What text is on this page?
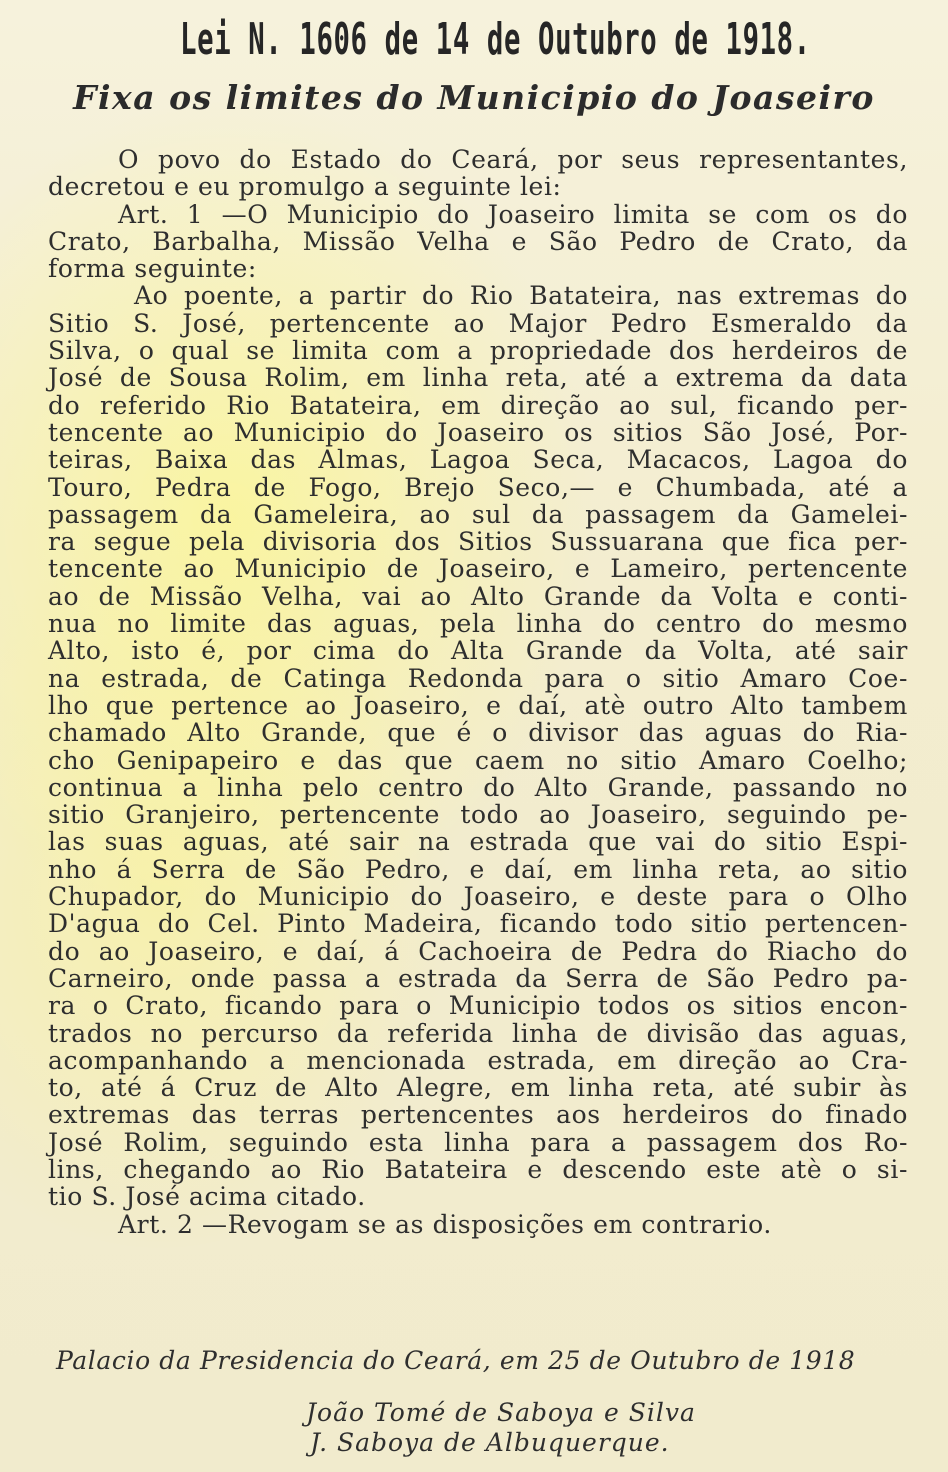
Lei N. 1606 de 14 de Outubro de 1918.
Fixa os limites do Municipio do Joaseiro
O povo do Estado do Ceará, por seus representantes,
decretou e eu promulgo a seguinte lei:
Art. 1 —O Municipio do Joaseiro limita se com os do
Crato, Barbalha, Missão Velha e São Pedro de Crato, da
forma seguinte:
Ao poente, a partir do Rio Batateira, nas extremas do
Sitio S. José, pertencente ao Major Pedro Esmeraldo da
Silva, o qual se limita com a propriedade dos herdeiros de
José de Sousa Rolim, em linha reta, até a extrema da data
do referido Rio Batateira, em direção ao sul, ficando per-
tencente ao Municipio do Joaseiro os sitios São José, Por-
teiras, Baixa das Almas, Lagoa Seca, Macacos, Lagoa do
Touro, Pedra de Fogo, Brejo Seco,— e Chumbada, até a
passagem da Gameleira, ao sul da passagem da Gamelei-
ra segue pela divisoria dos Sitios Sussuarana que fica per-
tencente ao Municipio de Joaseiro, e Lameiro, pertencente
ao de Missão Velha, vai ao Alto Grande da Volta e conti-
nua no limite das aguas, pela linha do centro do mesmo
Alto, isto é, por cima do Alta Grande da Volta, até sair
na estrada, de Catinga Redonda para o sitio Amaro Coe-
lho que pertence ao Joaseiro, e daí, atè outro Alto tambem
chamado Alto Grande, que é o divisor das aguas do Ria-
cho Genipapeiro e das que caem no sitio Amaro Coelho;
continua a linha pelo centro do Alto Grande, passando no
sitio Granjeiro, pertencente todo ao Joaseiro, seguindo pe-
las suas aguas, até sair na estrada que vai do sitio Espi-
nho á Serra de São Pedro, e daí, em linha reta, ao sitio
Chupador, do Municipio do Joaseiro, e deste para o Olho
D'agua do Cel. Pinto Madeira, ficando todo sitio pertencen-
do ao Joaseiro, e daí, á Cachoeira de Pedra do Riacho do
Carneiro, onde passa a estrada da Serra de São Pedro pa-
ra o Crato, ficando para o Municipio todos os sitios encon-
trados no percurso da referida linha de divisão das aguas,
acompanhando a mencionada estrada, em direção ao Cra-
to, até á Cruz de Alto Alegre, em linha reta, até subir às
extremas das terras pertencentes aos herdeiros do finado
José Rolim, seguindo esta linha para a passagem dos Ro-
lins, chegando ao Rio Batateira e descendo este atè o si-
tio S. José acima citado.
Art. 2 —Revogam se as disposições em contrario.
Palacio da Presidencia do Ceará, em 25 de Outubro de 1918
João Tomé de Saboya e Silva
J. Saboya de Albuquerque.
